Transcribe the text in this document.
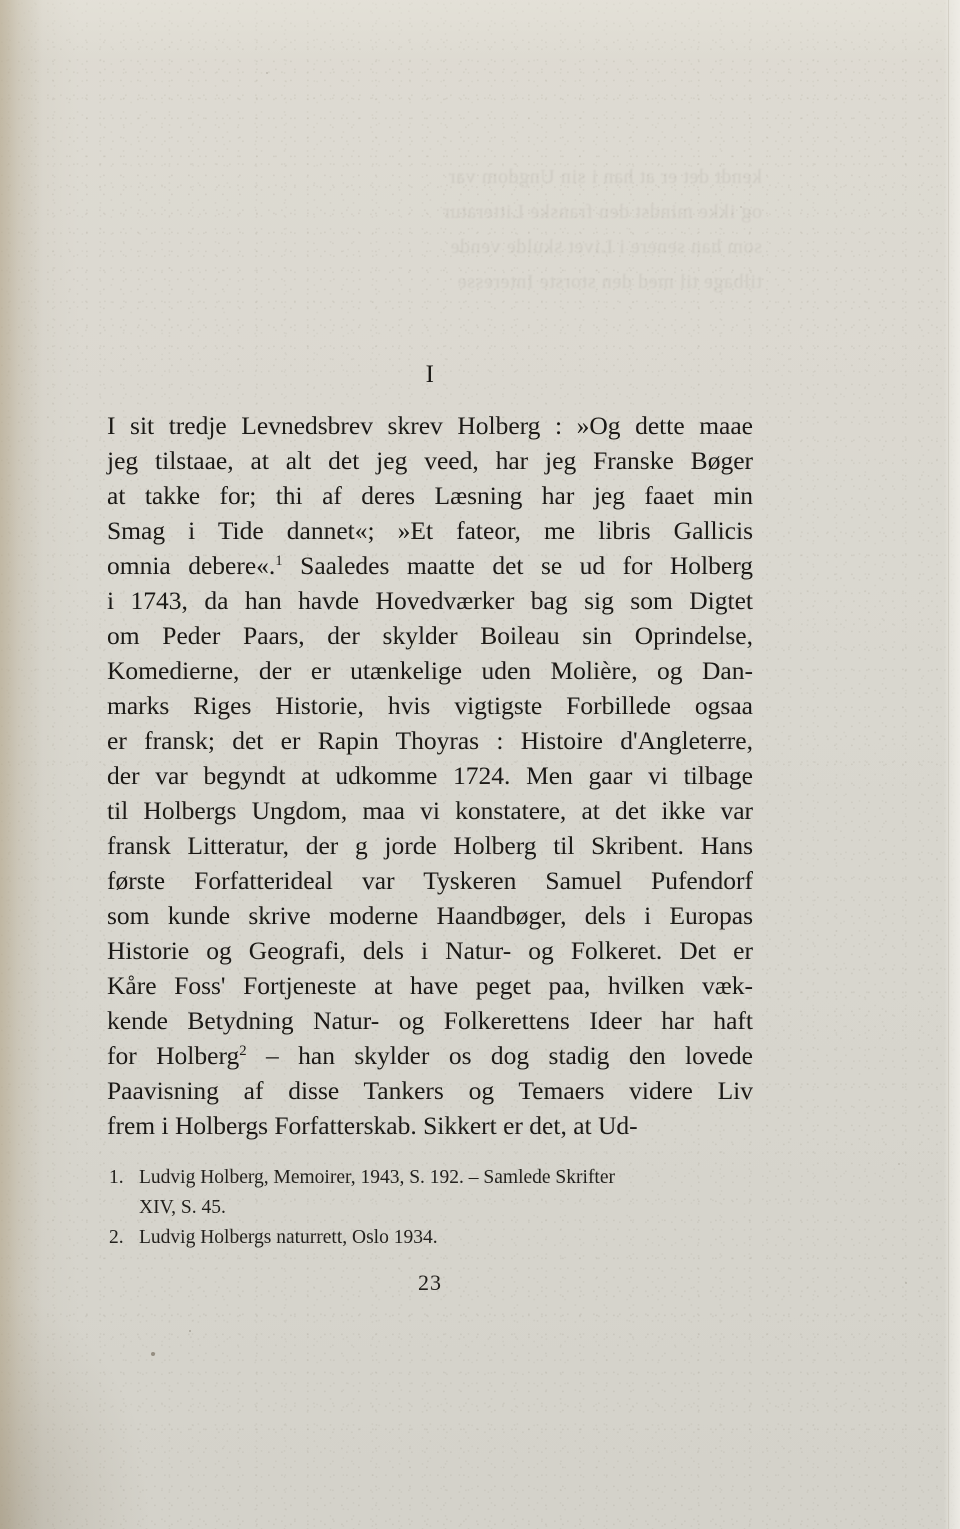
I
I sit tredje Levnedsbrev skrev Holberg : »Og dette maae
jeg tilstaae, at alt det jeg veed, har jeg Franske Bøger
at takke for; thi af deres Læsning har jeg faaet min
Smag i Tide dannet«; »Et fateor, me libris Gallicis
omnia debere«.$^1$ Saaledes maatte det se ud for Holberg
i 1743, da han havde Hovedværker bag sig som Digtet
om Peder Paars, der skylder Boileau sin Oprindelse,
Komedierne, der er utænkelige uden Molière, og Dan-
marks Riges Historie, hvis vigtigste Forbillede ogsaa
er fransk; det er Rapin Thoyras : Histoire d'Angleterre,
der var begyndt at udkomme 1724. Men gaar vi tilbage
til Holbergs Ungdom, maa vi konstatere, at det ikke var
fransk Litteratur, der g jorde Holberg til Skribent. Hans
første Forfatterideal var Tyskeren Samuel Pufendorf
som kunde skrive moderne Haandbøger, dels i Europas
Historie og Geografi, dels i Natur- og Folkeret. Det er
Kåre Foss' Fortjeneste at have peget paa, hvilken væk-
kende Betydning Natur- og Folkerettens Ideer har haft
for Holberg$^2$ – han skylder os dog stadig den lovede
Paavisning af disse Tankers og Temaers videre Liv
frem i Holbergs Forfatterskab. Sikkert er det, at Ud-
1. Ludvig Holberg, Memoirer, 1943, S. 192. – Samlede Skrifter
XIV, S. 45.
2. Ludvig Holbergs naturrett, Oslo 1934.
23
